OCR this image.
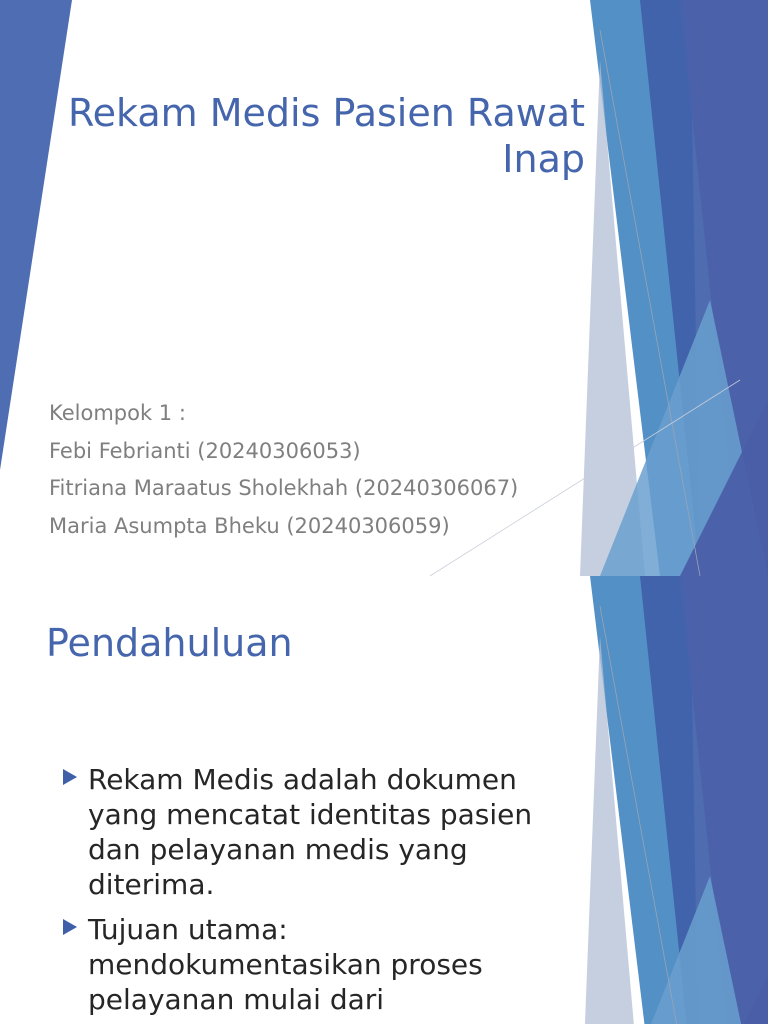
Rekam Medis Pasien Rawat Inap
Kelompok 1 :
Febi Febrianti (20240306053)
Fitriana Maraatus Sholekhah (20240306067)
Maria Asumpta Bheku (20240306059)
Pendahuluan
Rekam Medis adalah dokumen yang mencatat identitas pasien dan pelayanan medis yang diterima.
Tujuan utama: mendokumentasikan proses pelayanan mulai dari
